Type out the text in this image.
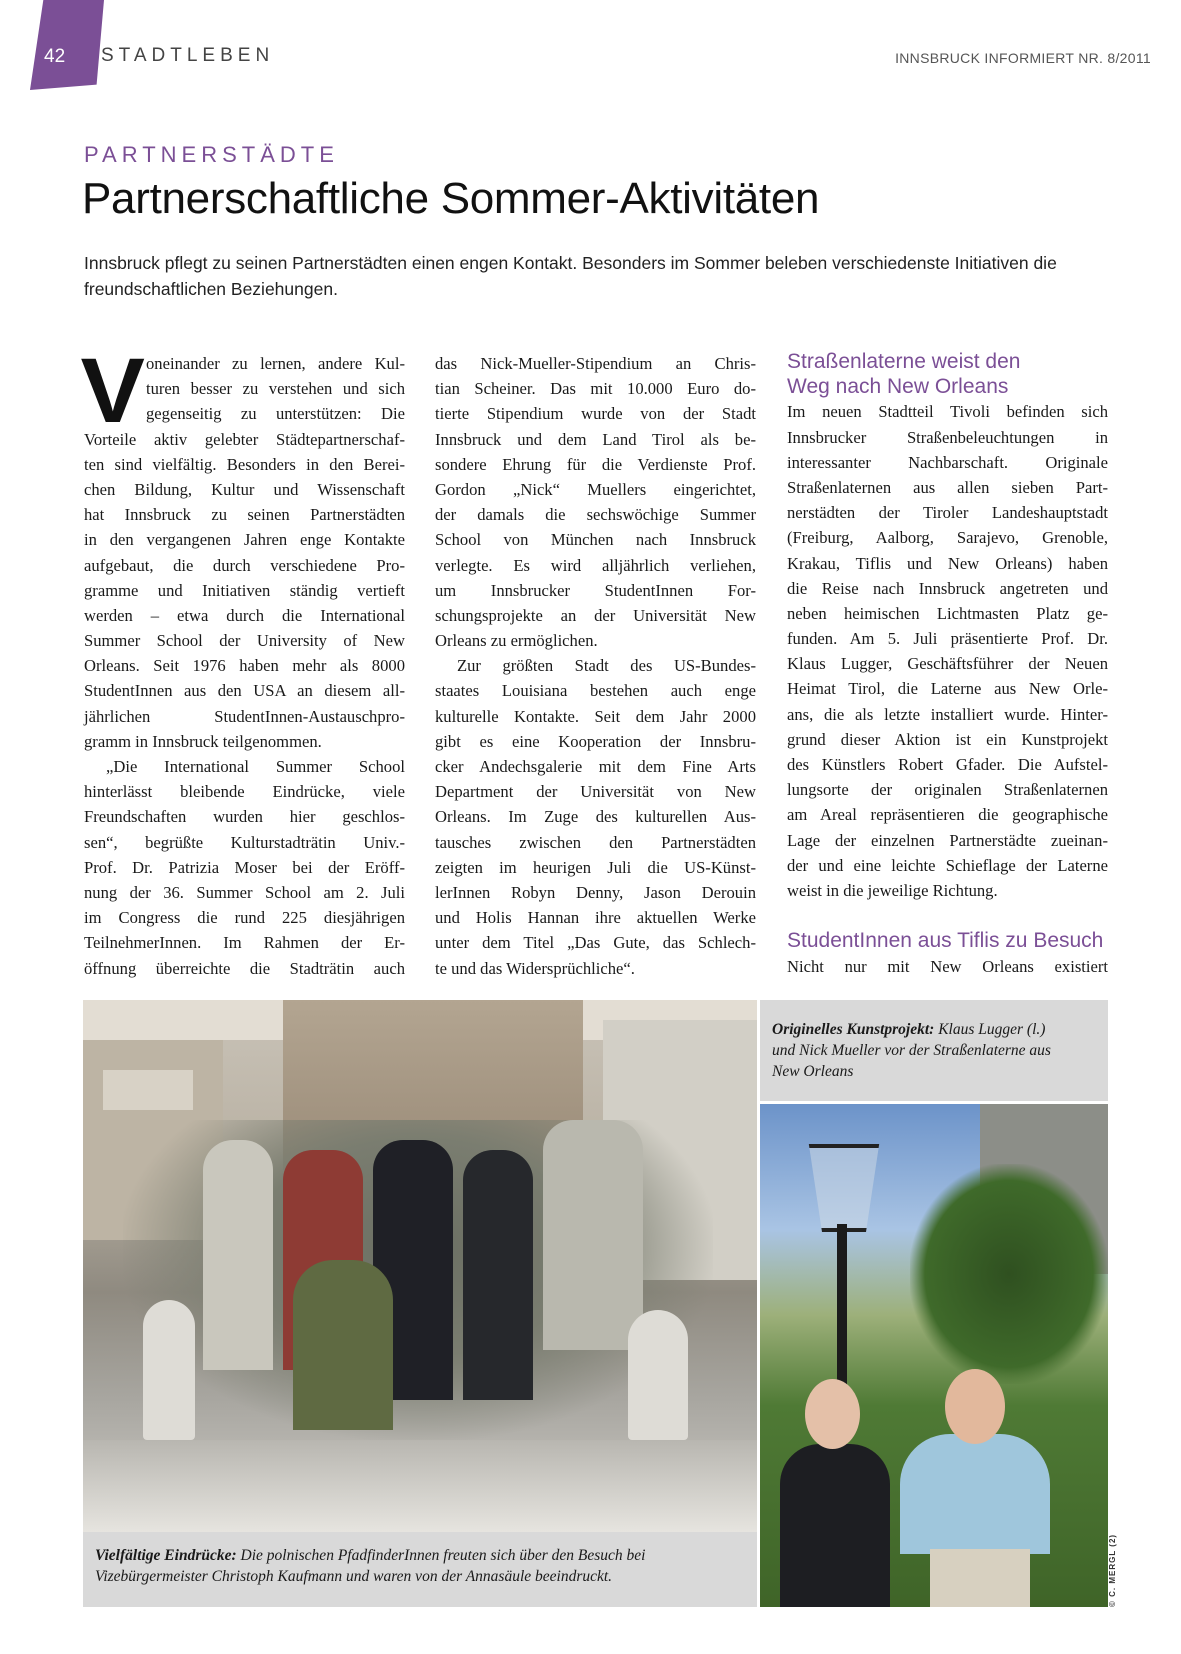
42 STADTLEBEN	INNSBRUCK INFORMIERT NR. 8/2011
PARTNERSTÄDTE
Partnerschaftliche Sommer-Aktivitäten
Innsbruck pflegt zu seinen Partnerstädten einen engen Kontakt. Besonders im Sommer beleben verschiedenste Initiativen die freundschaftlichen Beziehungen.
V oneinander zu lernen, andere Kul-
turen besser zu verstehen und sich
gegenseitig zu unterstützen: Die
Vorteile aktiv gelebter Städtepartnerschaf-
ten sind vielfältig. Besonders in den Berei-
chen Bildung, Kultur und Wissenschaft
hat Innsbruck zu seinen Partnerstädten
in den vergangenen Jahren enge Kontakte
aufgebaut, die durch verschiedene Pro-
gramme und Initiativen ständig vertieft
werden – etwa durch die International
Summer School der University of New
Orleans. Seit 1976 haben mehr als 8000
StudentInnen aus den USA an diesem all-
jährlichen StudentInnen-Austauschpro-
gramm in Innsbruck teilgenommen.
„Die International Summer School
hinterlässt bleibende Eindrücke, viele
Freundschaften wurden hier geschlos-
sen“, begrüßte Kulturstadträtin Univ.-
Prof. Dr. Patrizia Moser bei der Eröff-
nung der 36. Summer School am 2. Juli
im Congress die rund 225 diesjährigen
TeilnehmerInnen. Im Rahmen der Er-
öffnung überreichte die Stadträtin auch
das Nick-Mueller-Stipendium an Chris-
tian Scheiner. Das mit 10.000 Euro do-
tierte Stipendium wurde von der Stadt
Innsbruck und dem Land Tirol als be-
sondere Ehrung für die Verdienste Prof.
Gordon „Nick“ Muellers eingerichtet,
der damals die sechswöchige Summer
School von München nach Innsbruck
verlegte. Es wird alljährlich verliehen,
um Innsbrucker StudentInnen For-
schungsprojekte an der Universität New
Orleans zu ermöglichen.
Zur größten Stadt des US-Bundes-
staates Louisiana bestehen auch enge
kulturelle Kontakte. Seit dem Jahr 2000
gibt es eine Kooperation der Innsbru-
cker Andechsgalerie mit dem Fine Arts
Department der Universität von New
Orleans. Im Zuge des kulturellen Aus-
tausches zwischen den Partnerstädten
zeigten im heurigen Juli die US-Künst-
lerInnen Robyn Denny, Jason Derouin
und Holis Hannan ihre aktuellen Werke
unter dem Titel „Das Gute, das Schlech-
te und das Widersprüchliche“.
Straßenlaterne weist den
Weg nach New Orleans
Im neuen Stadtteil Tivoli befinden sich
Innsbrucker Straßenbeleuchtungen in
interessanter Nachbarschaft. Originale
Straßenlaternen aus allen sieben Part-
nerstädten der Tiroler Landeshauptstadt
(Freiburg, Aalborg, Sarajevo, Grenoble,
Krakau, Tiflis und New Orleans) haben
die Reise nach Innsbruck angetreten und
neben heimischen Lichtmasten Platz ge-
funden. Am 5. Juli präsentierte Prof. Dr.
Klaus Lugger, Geschäftsführer der Neuen
Heimat Tirol, die Laterne aus New Orle-
ans, die als letzte installiert wurde. Hinter-
grund dieser Aktion ist ein Kunstprojekt
des Künstlers Robert Gfader. Die Aufstel-
lungsorte der originalen Straßenlaternen
am Areal repräsentieren die geographische
Lage der einzelnen Partnerstädte zueinan-
der und eine leichte Schieflage der Laterne
weist in die jeweilige Richtung.
StudentInnen aus Tiflis zu Besuch
Nicht nur mit New Orleans existiert
Vielfältige Eindrücke: Die polnischen PfadfinderInnen freuten sich über den Besuch bei
Vizebürgermeister Christoph Kaufmann und waren von der Annasäule beeindruckt.
Originelles Kunstprojekt: Klaus Lugger (l.)
und Nick Mueller vor der Straßenlaterne aus
New Orleans
© C. MERGL (2)
